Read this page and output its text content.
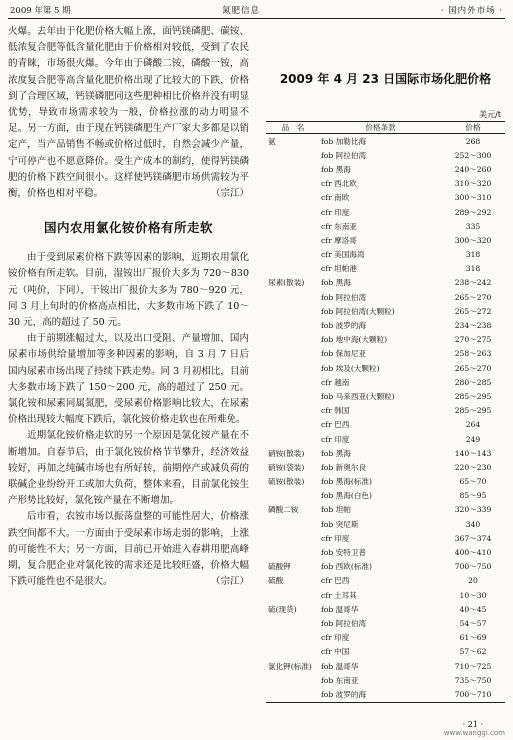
2009 年第 5 期	氮肥信息	· 国内外市场 ·

火爆。去年由于化肥价格大幅上涨，面钙镁磷肥、碳铵、低浓复合肥等低含量化肥由于价格相对较低，受到了农民的青睐，市场很火爆。今年由于磷酸二铵，磷酸一铵，高浓度复合肥等高含量化肥价格出现了比较大的下跌，价格到了合理区域，钙镁磷肥同这些肥种相比价格并没有明显优势，导致市场需求较为一般，价格拉涨的动力明显不足。另一方面，由于现在钙镁磷肥生产厂家大多都是以销定产，当产品销售不畅或价格过低时，自然会减少产量，宁可停产也不愿意降价。受生产成本的制约，使得钙镁磷肥的价格下跌空间很小。这样使钙镁磷肥市场供需较为平衡，价格也相对平稳。	（宗江）

国内农用氯化铵价格有所走软

由于受到尿素价格下跌等因素的影响，近期农用氯化铵价格有所走软。目前，湿铵出厂报价大多为 720～830 元（吨价，下同），干铵出厂报价大多为 780～920 元，同 3 月上旬时的价格高点相比，大多数市场下跌了 10～30 元，高的超过了 50 元。

由于前期涨幅过大，以及出口受阻、产量增加、国内尿素市场供给量增加等多种因素的影响，自 3 月 7 日后国内尿素市场出现了持续下跌走势。同 3 月初相比，目前大多数市场下跌了 150～200 元，高的超过了 250 元。氯化铵和尿素同属氮肥，受尿素价格影响比较大，在尿素价格出现较大幅度下跌后，氯化铵价格走软也在所难免。

近期氯化铵价格走软的另一个原因是氯化铵产量在不断增加。自春节后，由于氯化铵价格节节攀升，经济效益较好，再加之纯碱市场也有所好转，前期停产或减负荷的联碱企业纷纷开工或加大负荷，整体来看，目前氯化铵生产形势比较好，氯化铵产量在不断增加。

后市看，农铵市场以振荡盘整的可能性居大，价格涨跌空间都不大。一方面由于受尿素市场走弱的影响，上涨的可能性不大；另一方面，目前已开始进入春耕用肥高峰期，复合肥企业对氯化铵的需求还是比较旺盛，价格大幅下跌可能性也不是很大。	（宗江）

2009 年 4 月 23 日国际市场化肥价格
美元/t
品　名	价格条款	价格
氨	fob 加勒比海	268
	fob 阿拉伯湾	252～300
	fob 黑海	240～260
	cfr 西北欧	310～320
	cfr 南欧	300～310
	cfr 印度	289～292
	cfr 东南亚	335
	cfr 摩洛哥	300～320
	cfr 美国海湾	318
	cfr 坦帕港	318
尿素(散装)	fob 黑海	238～242
	fob 阿拉伯湾	265～270
	fob 阿拉伯湾(大颗粒)	265～272
	fob 波罗的海	234～238
	fob 地中海(大颗粒)	270～275
	fob 保加尼亚	258～263
	fob 埃及(大颗粒)	265～270
	cfr 越南	280～285
	fob 马来西亚(大颗粒)	285～295
	cfr 韩国	285～295
	cfr 巴西	264
	cfr 印度	249
硝铵(散装)	fob 黑海	140～143
硝铵(袋装)	fob 新奥尔良	220～230
硫铵(散装)	fob 黑海(标准)	65～70
	fob 黑海(白色)	85～95
磷酸二铵	fob 坦帕	320～339
	fob 突尼斯	340
	cfr 印度	367～374
	fob 安特卫普	400～410
硫酸钾	fob 西欧(标准)	700～750
硫酸	cfr 巴西	20
	cfr 土耳其	10～30
硫(现货)	fob 温哥华	40～45
	fob 阿拉伯湾	54～57
	cfr 印度	61～69
	cfr 中国	57～62
氯化钾(标准)	fob 温哥华	710～725
	fob 东南亚	735～750
	fob 波罗的海	700～710
· 21 ·
www.wanggi.com
